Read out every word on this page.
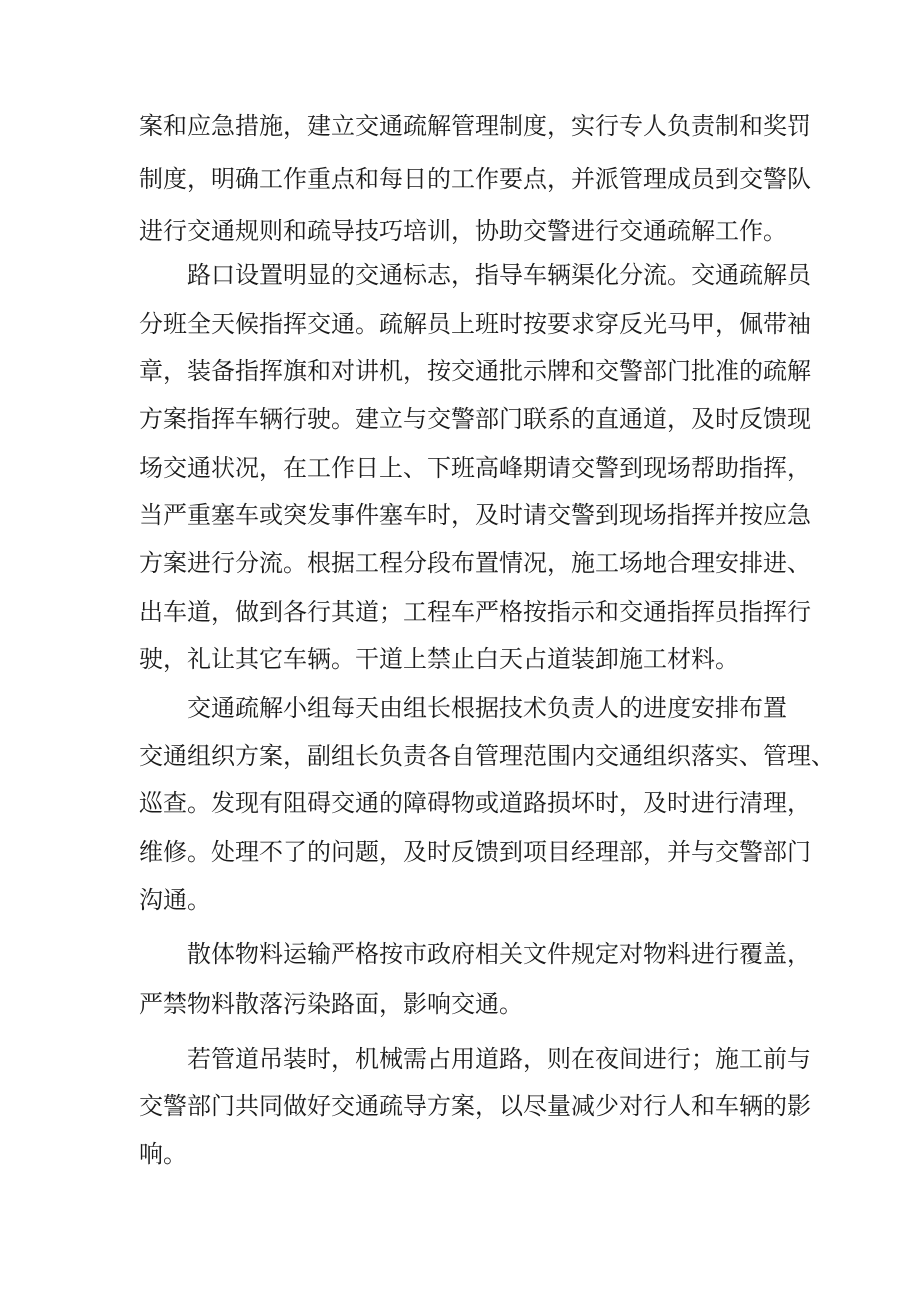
案和应急措施，建立交通疏解管理制度，实行专人负责制和奖罚
制度，明确工作重点和每日的工作要点，并派管理成员到交警队
进行交通规则和疏导技巧培训，协助交警进行交通疏解工作。
路口设置明显的交通标志，指导车辆渠化分流。交通疏解员
分班全天候指挥交通。疏解员上班时按要求穿反光马甲，佩带袖
章，装备指挥旗和对讲机，按交通批示牌和交警部门批准的疏解
方案指挥车辆行驶。建立与交警部门联系的直通道，及时反馈现
场交通状况，在工作日上、下班高峰期请交警到现场帮助指挥，
当严重塞车或突发事件塞车时，及时请交警到现场指挥并按应急
方案进行分流。根据工程分段布置情况，施工场地合理安排进、
出车道，做到各行其道；工程车严格按指示和交通指挥员指挥行
驶，礼让其它车辆。干道上禁止白天占道装卸施工材料。
交通疏解小组每天由组长根据技术负责人的进度安排布置
交通组织方案，副组长负责各自管理范围内交通组织落实、管理、
巡查。发现有阻碍交通的障碍物或道路损坏时，及时进行清理，
维修。处理不了的问题，及时反馈到项目经理部，并与交警部门
沟通。
散体物料运输严格按市政府相关文件规定对物料进行覆盖，
严禁物料散落污染路面，影响交通。
若管道吊装时，机械需占用道路，则在夜间进行；施工前与
交警部门共同做好交通疏导方案，以尽量减少对行人和车辆的影
响。
